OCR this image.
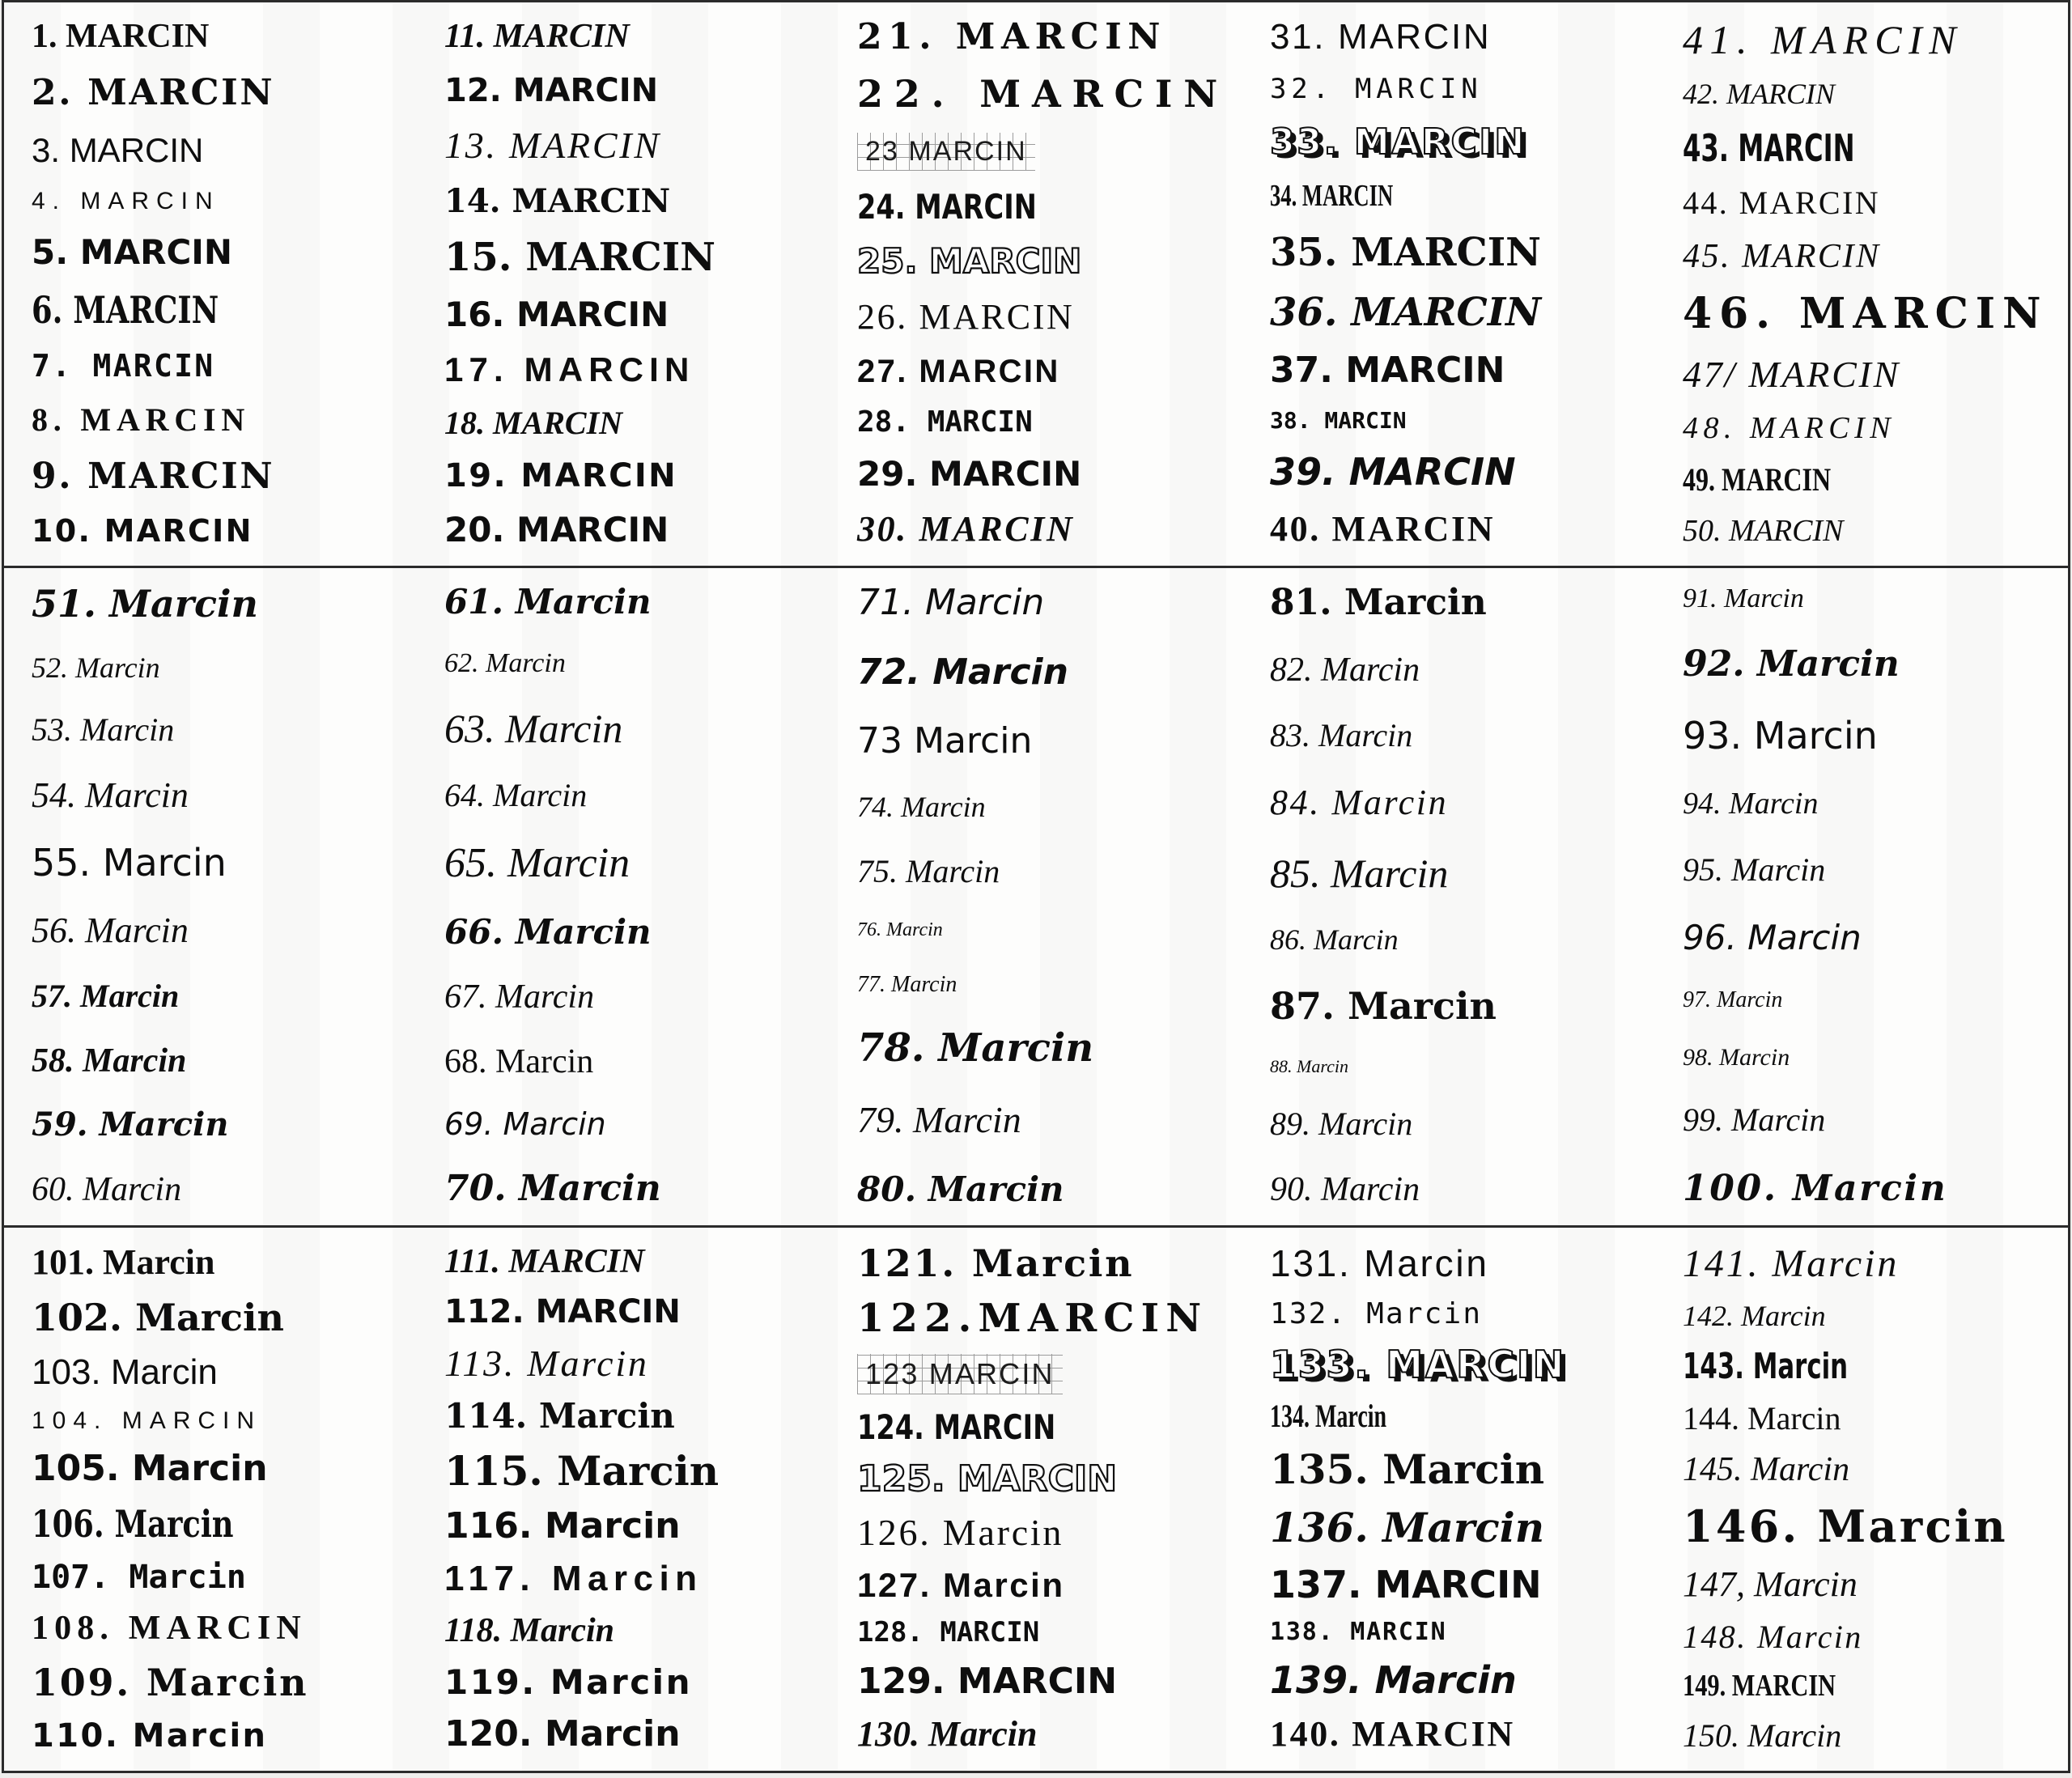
1. MARCIN
2. MARCIN
3. MARCIN
4. MARCIN
5. MARCIN
6. MARCIN
7. MARCIN
8. MARCIN
9. MARCIN
10. MARCIN
11. MARCIN
12. MARCIN
13. MARCIN
14. MARCIN
15. MARCIN
16. MARCIN
17. MARCIN
18. MARCIN
19. MARCIN
20. MARCIN
21. MARCIN
22. MARCIN
23 MARCIN
24. MARCIN
25. MARCIN
26. MARCIN
27. MARCIN
28. MARCIN
29. MARCIN
30. MARCIN
31. MARCIN
32. MARCIN
33. MARCIN
34. MARCIN
35. MARCIN
36. MARCIN
37. MARCIN
38. MARCIN
39. MARCIN
40. MARCIN
41. MARCIN
42. MARCIN
43. MARCIN
44. MARCIN
45. MARCIN
46. MARCIN
47/ MARCIN
48. MARCIN
49. MARCIN
50. MARCIN
51. Marcin
52. Marcin
53. Marcin
54. Marcin
55. Marcin
56. Marcin
57. Marcin
58. Marcin
59. Marcin
60. Marcin
61. Marcin
62. Marcin
63. Marcin
64. Marcin
65. Marcin
66. Marcin
67. Marcin
68. Marcin
69. Marcin
70. Marcin
71. Marcin
72. Marcin
73 Marcin
74. Marcin
75. Marcin
76. Marcin
77. Marcin
78. Marcin
79. Marcin
80. Marcin
81. Marcin
82. Marcin
83. Marcin
84. Marcin
85. Marcin
86. Marcin
87. Marcin
88. Marcin
89. Marcin
90. Marcin
91. Marcin
92. Marcin
93. Marcin
94. Marcin
95. Marcin
96. Marcin
97. Marcin
98. Marcin
99. Marcin
100. Marcin
101. Marcin
102. Marcin
103. Marcin
104. MARCIN
105. Marcin
106. Marcin
107. Marcin
108. MARCIN
109. Marcin
110. Marcin
111. MARCIN
112. MARCIN
113. Marcin
114. Marcin
115. Marcin
116. Marcin
117. Marcin
118. Marcin
119. Marcin
120. Marcin
121. Marcin
122.MARCIN
123 MARCIN
124. MARCIN
125. MARCIN
126. Marcin
127. Marcin
128. MARCIN
129. MARCIN
130. Marcin
131. Marcin
132. Marcin
133. MARCIN
134. Marcin
135. Marcin
136. Marcin
137. MARCIN
138. MARCIN
139. Marcin
140. MARCIN
141. Marcin
142. Marcin
143. Marcin
144. Marcin
145. Marcin
146. Marcin
147, Marcin
148. Marcin
149. MARCIN
150. Marcin
